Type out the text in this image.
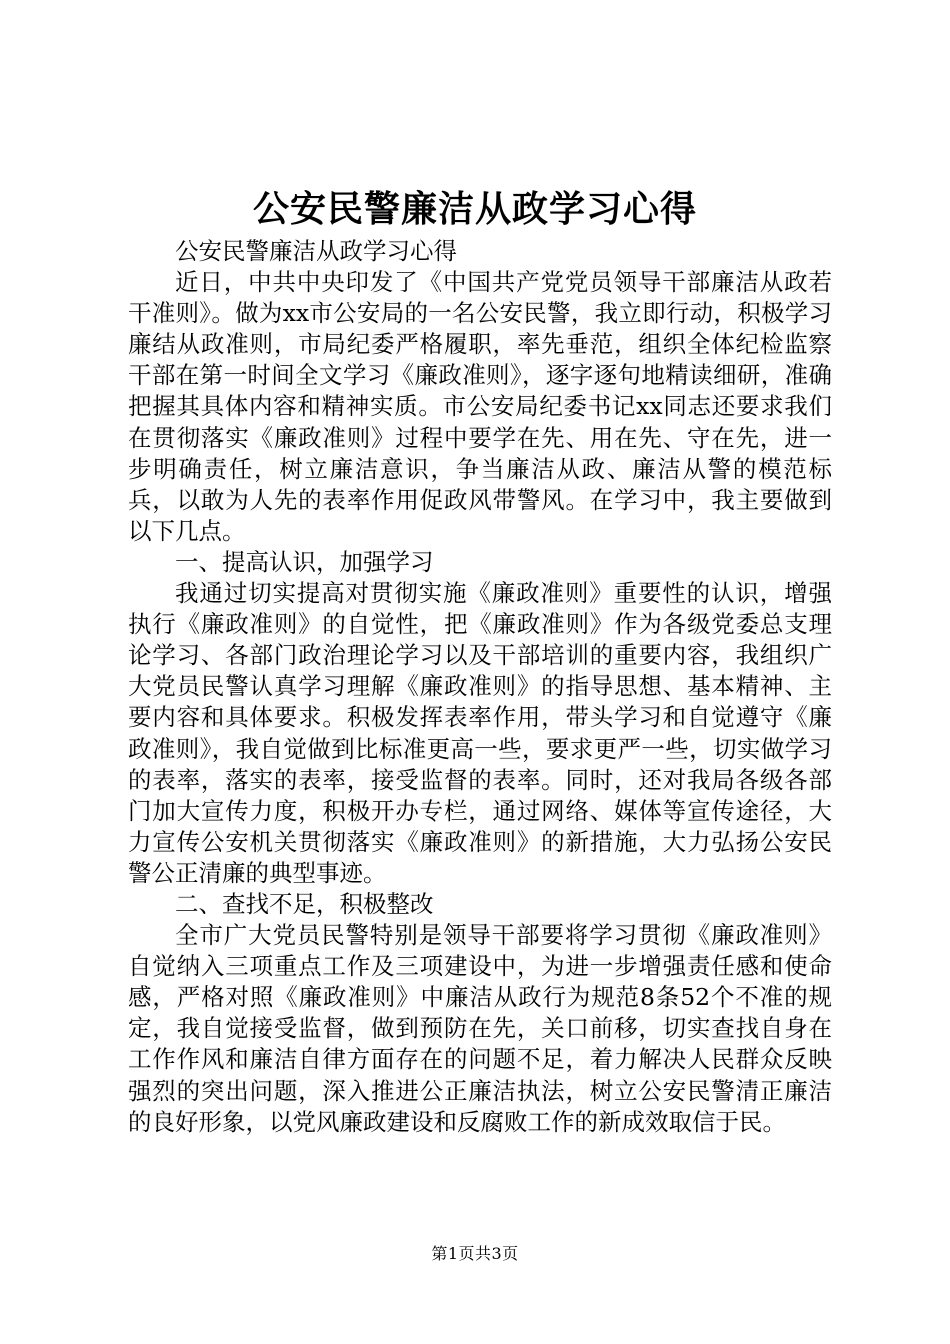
公安民警廉洁从政学习心得

公安民警廉洁从政学习心得

近日，中共中央印发了《中国共产党党员领导干部廉洁从政若干准则》。做为xx市公安局的一名公安民警，我立即行动，积极学习廉结从政准则，市局纪委严格履职，率先垂范，组织全体纪检监察干部在第一时间全文学习《廉政准则》，逐字逐句地精读细研，准确把握其具体内容和精神实质。市公安局纪委书记xx同志还要求我们在贯彻落实《廉政准则》过程中要学在先、用在先、守在先，进一步明确责任，树立廉洁意识，争当廉洁从政、廉洁从警的模范标兵，以敢为人先的表率作用促政风带警风。在学习中，我主要做到以下几点。

一、提高认识，加强学习

我通过切实提高对贯彻实施《廉政准则》重要性的认识，增强执行《廉政准则》的自觉性，把《廉政准则》作为各级党委总支理论学习、各部门政治理论学习以及干部培训的重要内容，我组织广大党员民警认真学习理解《廉政准则》的指导思想、基本精神、主要内容和具体要求。积极发挥表率作用，带头学习和自觉遵守《廉政准则》，我自觉做到比标准更高一些，要求更严一些，切实做学习的表率，落实的表率，接受监督的表率。同时，还对我局各级各部门加大宣传力度，积极开办专栏，通过网络、媒体等宣传途径，大力宣传公安机关贯彻落实《廉政准则》的新措施，大力弘扬公安民警公正清廉的典型事迹。

二、查找不足，积极整改

全市广大党员民警特别是领导干部要将学习贯彻《廉政准则》自觉纳入三项重点工作及三项建设中，为进一步增强责任感和使命感，严格对照《廉政准则》中廉洁从政行为规范8条52个不准的规定，我自觉接受监督，做到预防在先，关口前移，切实查找自身在工作作风和廉洁自律方面存在的问题不足，着力解决人民群众反映强烈的突出问题，深入推进公正廉洁执法，树立公安民警清正廉洁的良好形象，以党风廉政建设和反腐败工作的新成效取信于民。

第1页共3页
